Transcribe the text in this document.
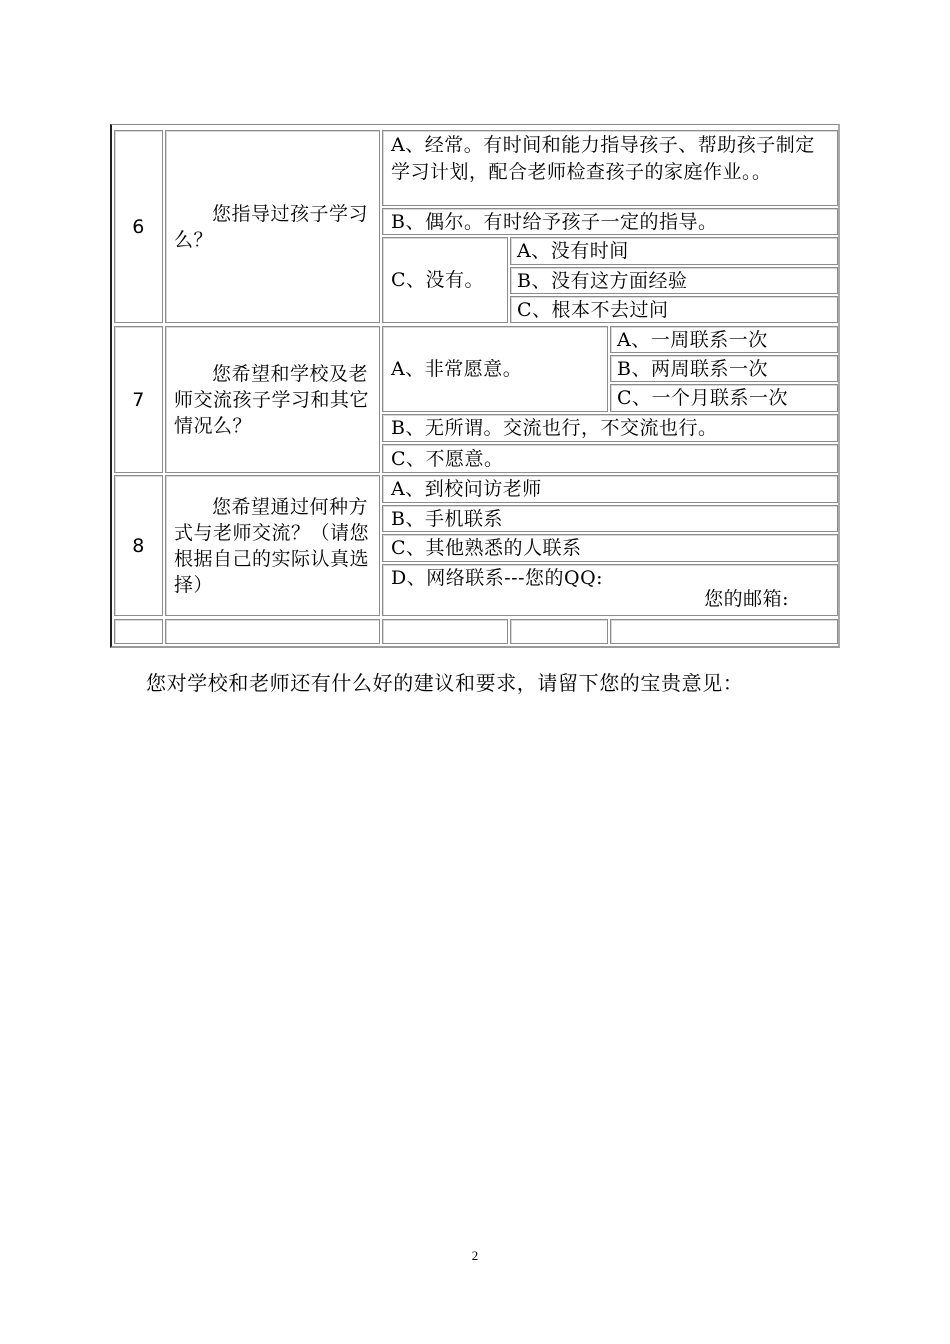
6
您指导过孩子学习么？
A、经常。有时间和能力指导孩子、帮助孩子制定学习计划，配合老师检查孩子的家庭作业。。
B、偶尔。有时给予孩子一定的指导。
C、没有。
A、没有时间
B、没有这方面经验
C、根本不去过问
7
您希望和学校及老师交流孩子学习和其它情况么？
A、非常愿意。
A、一周联系一次
B、两周联系一次
C、一个月联系一次
B、无所谓。交流也行，不交流也行。
C、不愿意。
8
您希望通过何种方式与老师交流？（请您根据自己的实际认真选择）
A、到校问访老师
B、手机联系
C、其他熟悉的人联系
D、网络联系---您的QQ:
您的邮箱:
您对学校和老师还有什么好的建议和要求，请留下您的宝贵意见：
2
